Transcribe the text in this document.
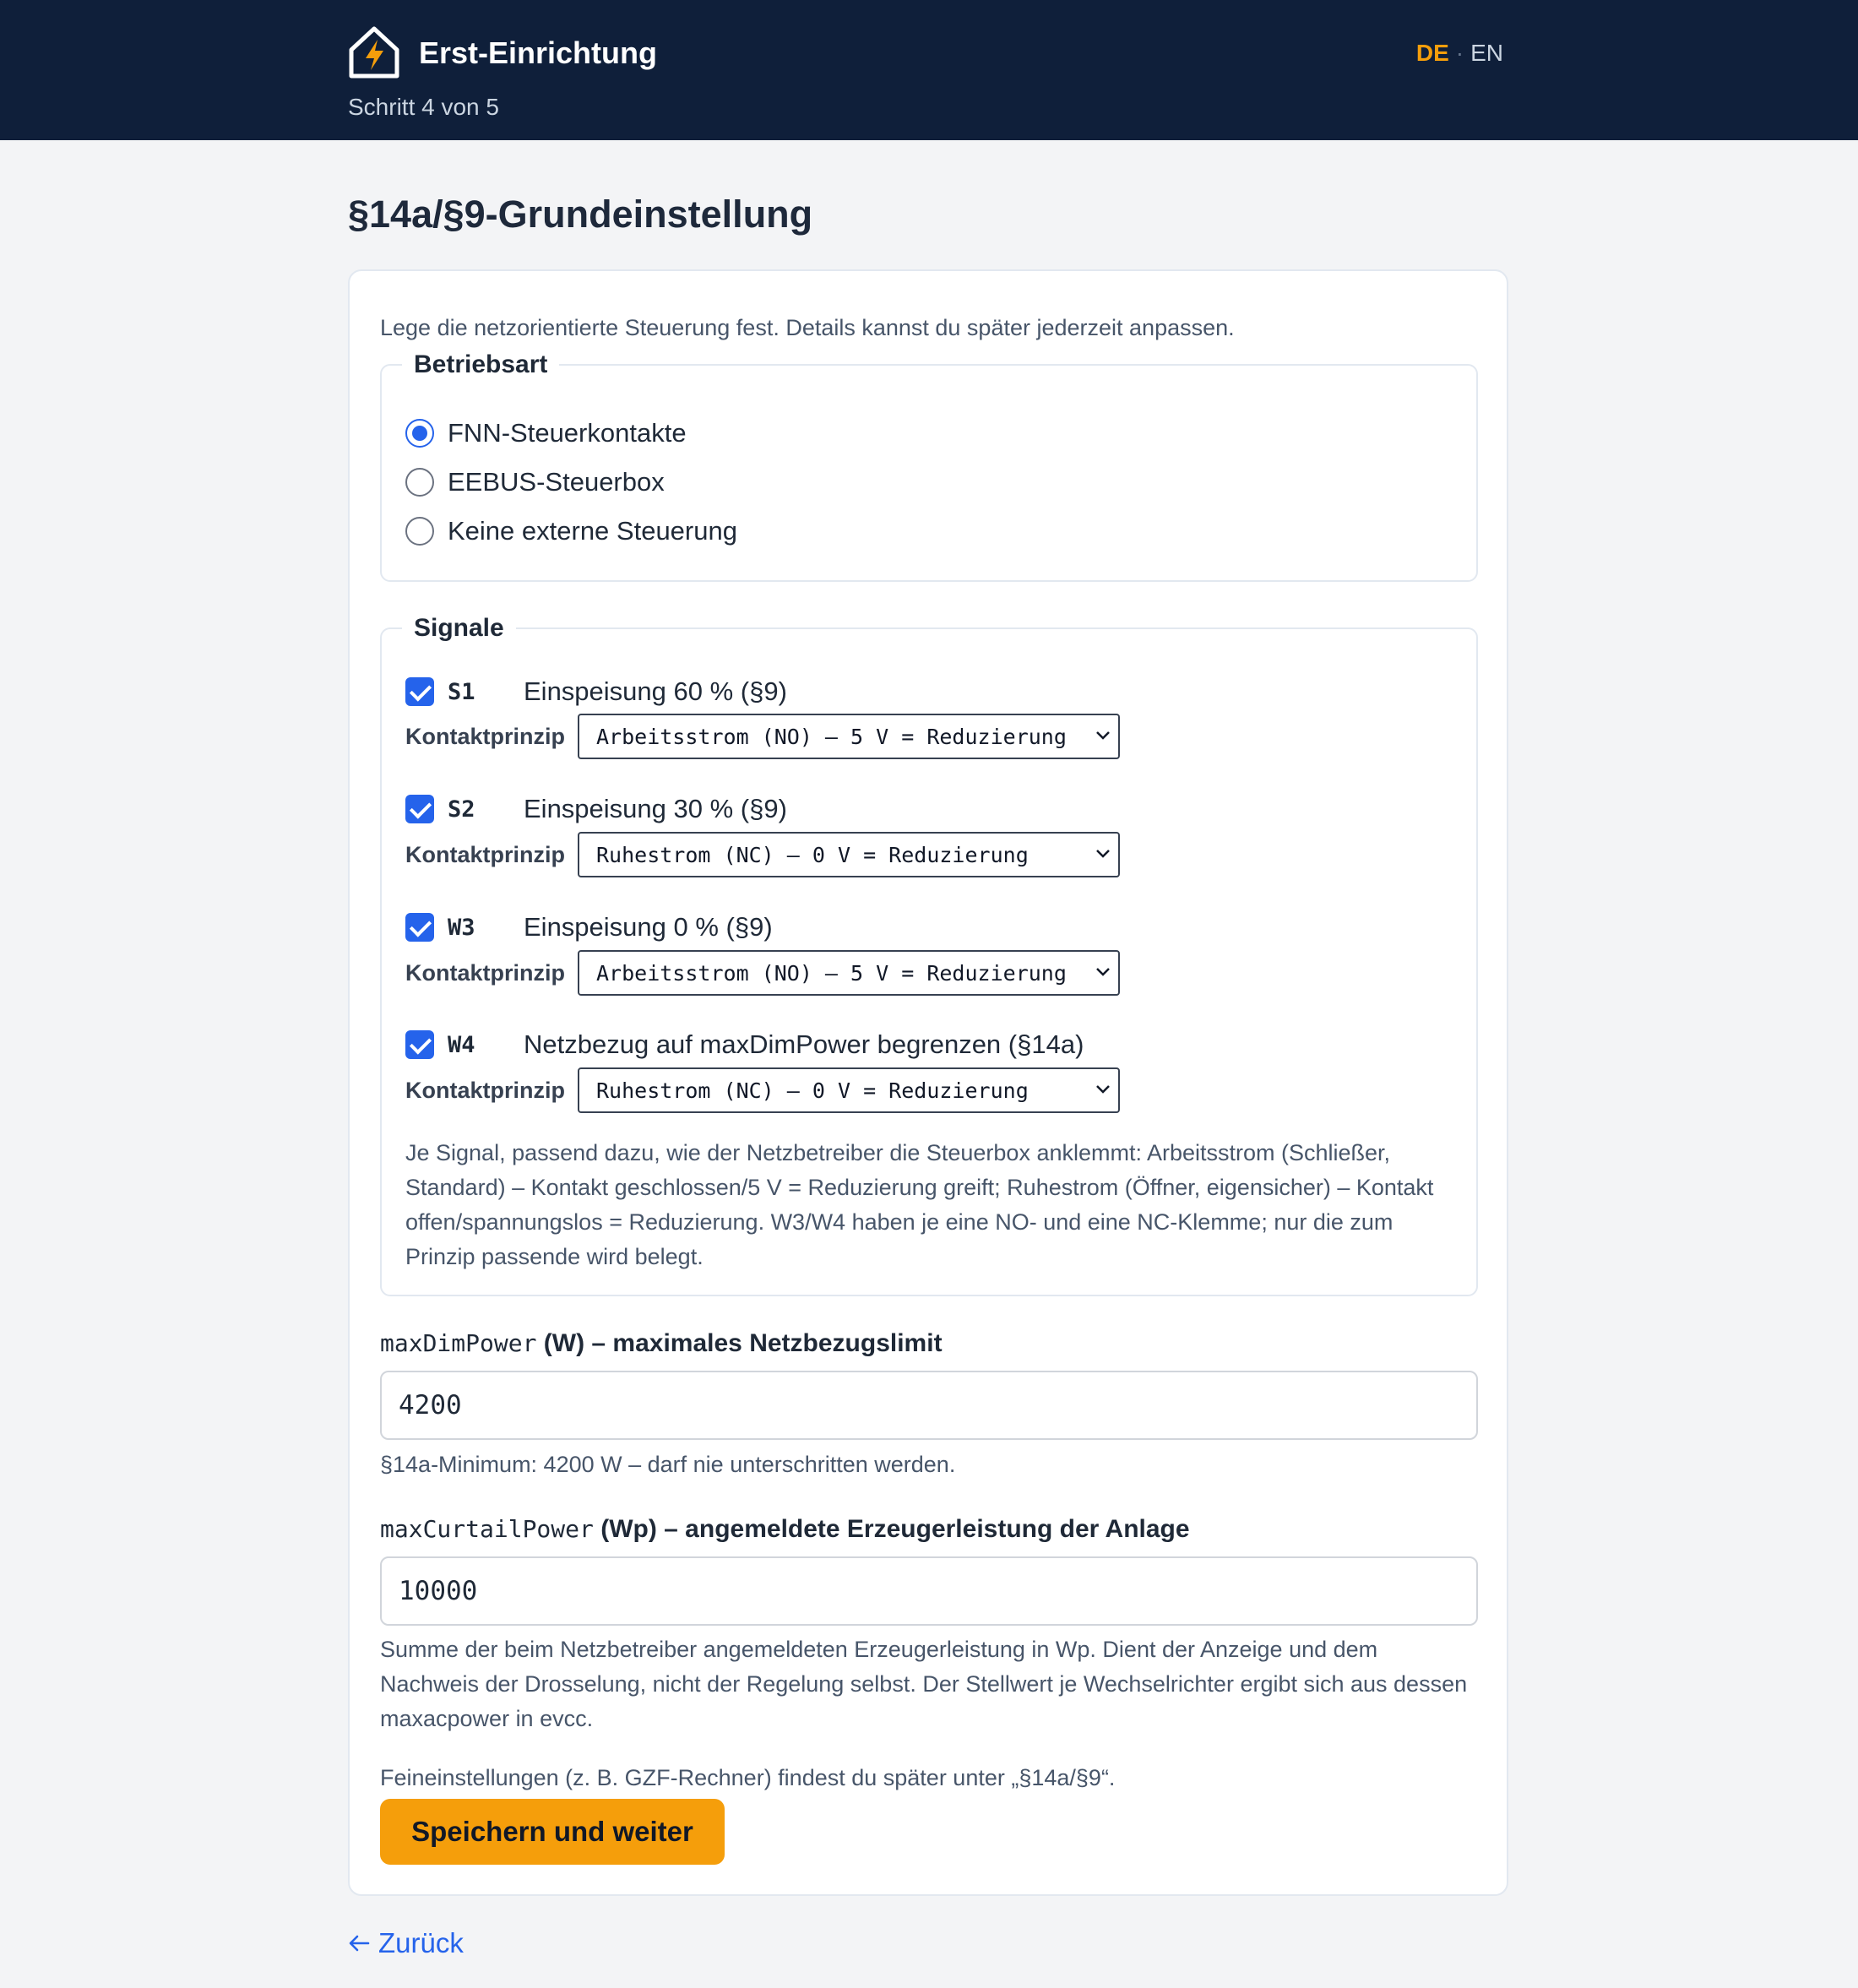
Erst-Einrichtung
Schritt 4 von 5
DE · EN
§14a/§9-Grundeinstellung

Lege die netzorientierte Steuerung fest. Details kannst du später jederzeit anpassen.

Betriebsart
FNN-Steuerkontakte
EEBUS-Steuerbox
Keine externe Steuerung
Signale
S1	Einspeisung 60 % (§9)
Kontaktprinzip	Arbeitsstrom (NO) – 5 V = Reduzierung
S2	Einspeisung 30 % (§9)
Kontaktprinzip	Ruhestrom (NC) – 0 V = Reduzierung
W3	Einspeisung 0 % (§9)
Kontaktprinzip	Arbeitsstrom (NO) – 5 V = Reduzierung
W4	Netzbezug auf maxDimPower begrenzen (§14a)
Kontaktprinzip	Ruhestrom (NC) – 0 V = Reduzierung

Je Signal, passend dazu, wie der Netzbetreiber die Steuerbox anklemmt: Arbeitsstrom (Schließer, Standard) – Kontakt geschlossen/5 V = Reduzierung greift; Ruhestrom (Öffner, eigensicher) – Kontakt offen/spannungslos = Reduzierung. W3/W4 haben je eine NO- und eine NC-Klemme; nur die zum Prinzip passende wird belegt.

maxDimPower (W) – maximales Netzbezugslimit
4200

§14a-Minimum: 4200 W – darf nie unterschritten werden.

maxCurtailPower (Wp) – angemeldete Erzeugerleistung der Anlage
10000

Summe der beim Netzbetreiber angemeldeten Erzeugerleistung in Wp. Dient der Anzeige und dem Nachweis der Drosselung, nicht der Regelung selbst. Der Stellwert je Wechselrichter ergibt sich aus dessen maxacpower in evcc.

Feineinstellungen (z. B. GZF-Rechner) findest du später unter „§14a/§9“.

Speichern und weiter
Zurück
